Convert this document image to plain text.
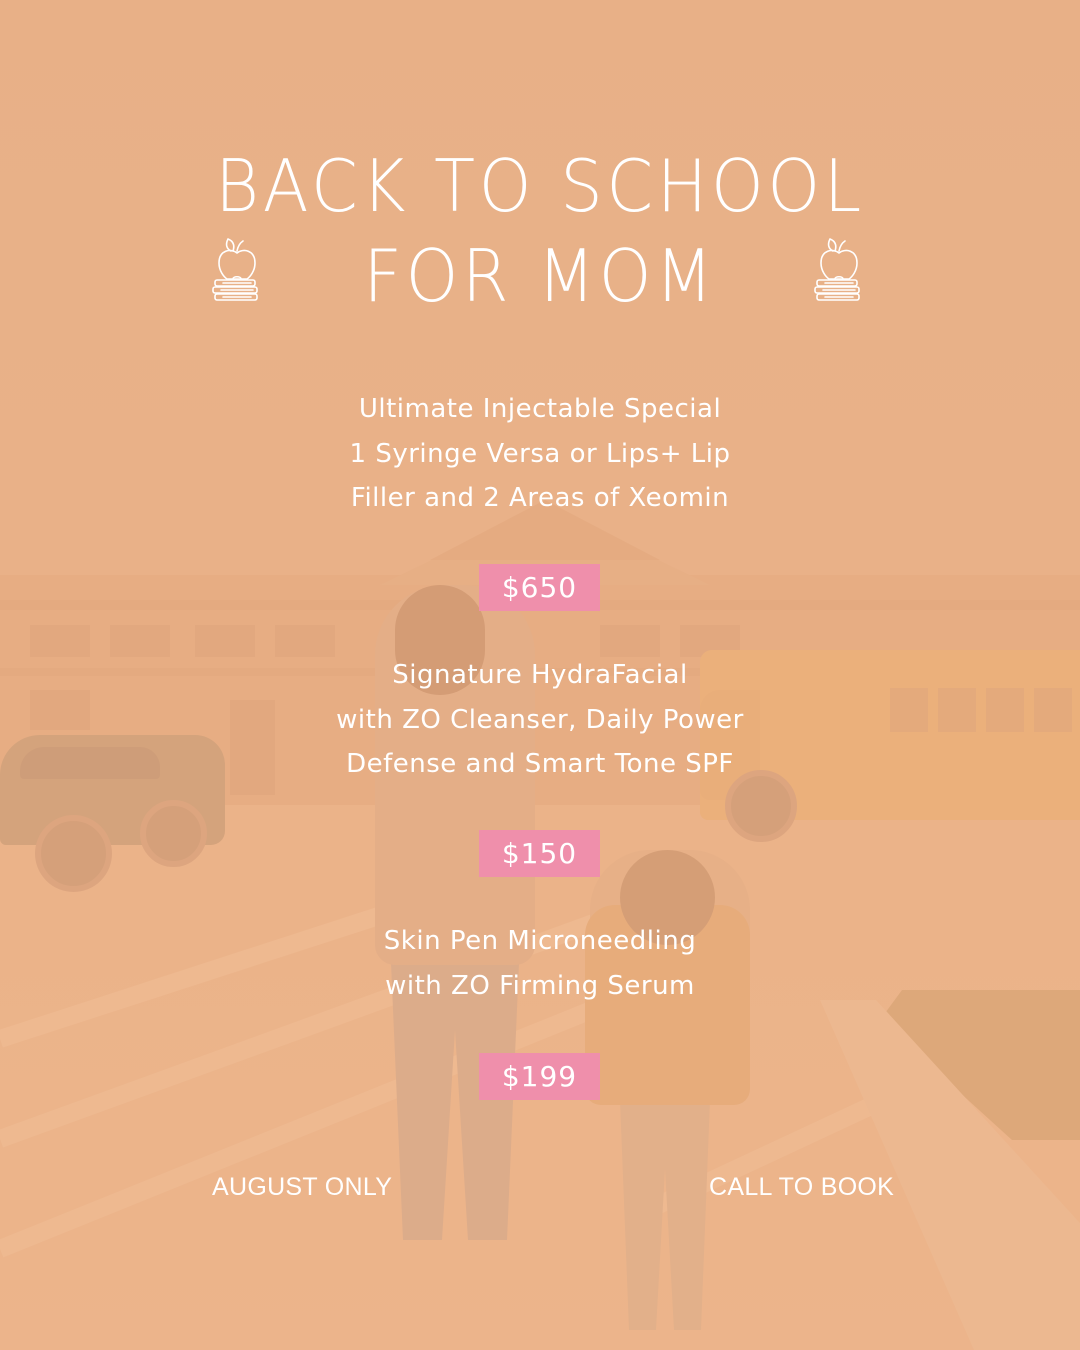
BACK TO SCHOOL
FOR MOM
Ultimate Injectable Special
1 Syringe Versa or Lips+ Lip
Filler and 2 Areas of Xeomin
$650
Signature HydraFacial
with ZO Cleanser, Daily Power
Defense and Smart Tone SPF
$150
Skin Pen Microneedling
with ZO Firming Serum
$199
AUGUST ONLY	CALL TO BOOK
